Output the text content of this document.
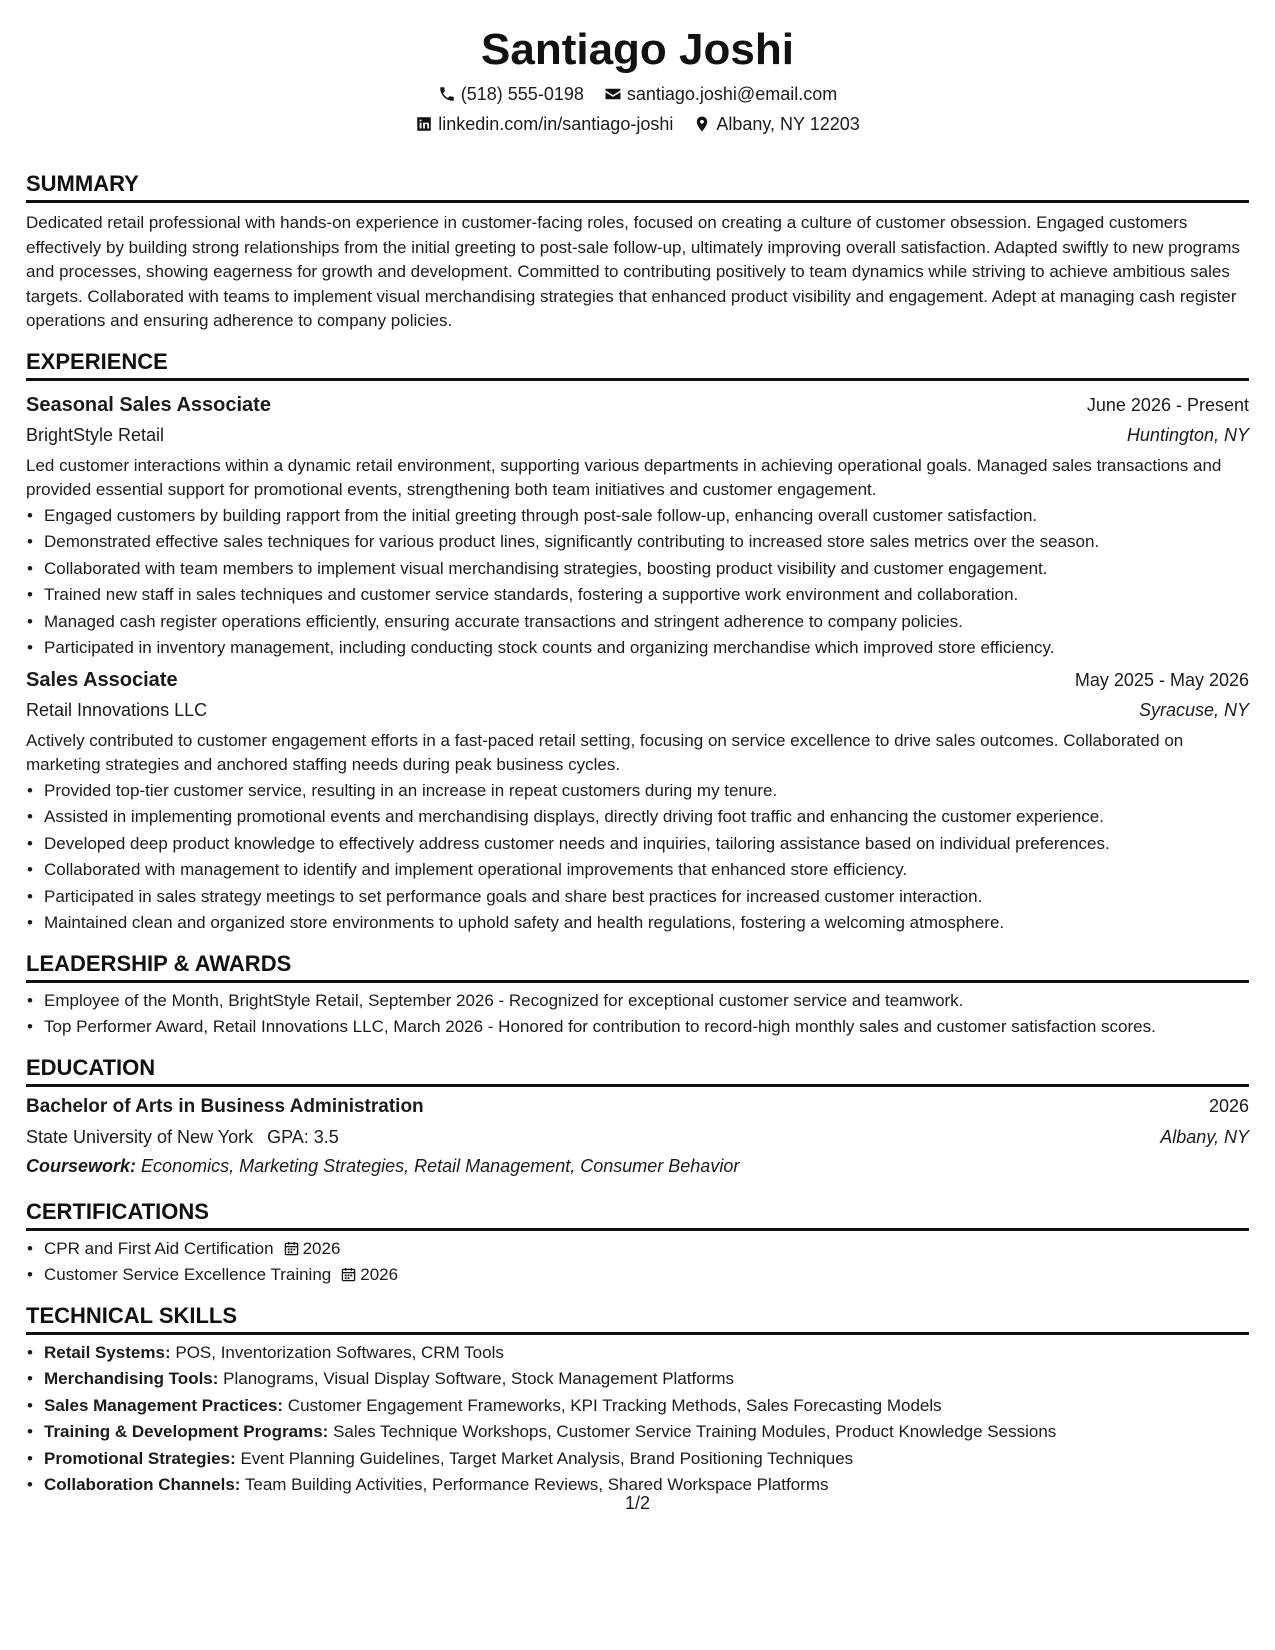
Santiago Joshi
(518) 555-0198 santiago.joshi@email.com
linkedin.com/in/santiago-joshi Albany, NY 12203
SUMMARY

Dedicated retail professional with hands-on experience in customer-facing roles, focused on creating a culture of customer obsession. Engaged customers effectively by building strong relationships from the initial greeting to post-sale follow-up, ultimately improving overall satisfaction. Adapted swiftly to new programs and processes, showing eagerness for growth and development. Committed to contributing positively to team dynamics while striving to achieve ambitious sales targets. Collaborated with teams to implement visual merchandising strategies that enhanced product visibility and engagement. Adept at managing cash register operations and ensuring adherence to company policies.

EXPERIENCE
Seasonal Sales Associate	June 2026 - Present
BrightStyle Retail	Huntington, NY

Led customer interactions within a dynamic retail environment, supporting various departments in achieving operational goals. Managed sales transactions and provided essential support for promotional events, strengthening both team initiatives and customer engagement.

• Engaged customers by building rapport from the initial greeting through post-sale follow-up, enhancing overall customer satisfaction.
• Demonstrated effective sales techniques for various product lines, significantly contributing to increased store sales metrics over the season.
• Collaborated with team members to implement visual merchandising strategies, boosting product visibility and customer engagement.
• Trained new staff in sales techniques and customer service standards, fostering a supportive work environment and collaboration.
• Managed cash register operations efficiently, ensuring accurate transactions and stringent adherence to company policies.
• Participated in inventory management, including conducting stock counts and organizing merchandise which improved store efficiency.
Sales Associate	May 2025 - May 2026
Retail Innovations LLC	Syracuse, NY

Actively contributed to customer engagement efforts in a fast-paced retail setting, focusing on service excellence to drive sales outcomes. Collaborated on marketing strategies and anchored staffing needs during peak business cycles.

• Provided top-tier customer service, resulting in an increase in repeat customers during my tenure.
• Assisted in implementing promotional events and merchandising displays, directly driving foot traffic and enhancing the customer experience.
• Developed deep product knowledge to effectively address customer needs and inquiries, tailoring assistance based on individual preferences.
• Collaborated with management to identify and implement operational improvements that enhanced store efficiency.
• Participated in sales strategy meetings to set performance goals and share best practices for increased customer interaction.
• Maintained clean and organized store environments to uphold safety and health regulations, fostering a welcoming atmosphere.
LEADERSHIP & AWARDS
• Employee of the Month, BrightStyle Retail, September 2026 - Recognized for exceptional customer service and teamwork.
• Top Performer Award, Retail Innovations LLC, March 2026 - Honored for contribution to record-high monthly sales and customer satisfaction scores.
EDUCATION
Bachelor of Arts in Business Administration	2026
State University of New York GPA: 3.5	Albany, NY
Coursework: Economics, Marketing Strategies, Retail Management, Consumer Behavior
CERTIFICATIONS
• CPR and First Aid Certification 2026
• Customer Service Excellence Training 2026
TECHNICAL SKILLS
• Retail Systems: POS, Inventorization Softwares, CRM Tools
• Merchandising Tools: Planograms, Visual Display Software, Stock Management Platforms
• Sales Management Practices: Customer Engagement Frameworks, KPI Tracking Methods, Sales Forecasting Models
• Training & Development Programs: Sales Technique Workshops, Customer Service Training Modules, Product Knowledge Sessions
• Promotional Strategies: Event Planning Guidelines, Target Market Analysis, Brand Positioning Techniques
• Collaboration Channels: Team Building Activities, Performance Reviews, Shared Workspace Platforms
1/2
